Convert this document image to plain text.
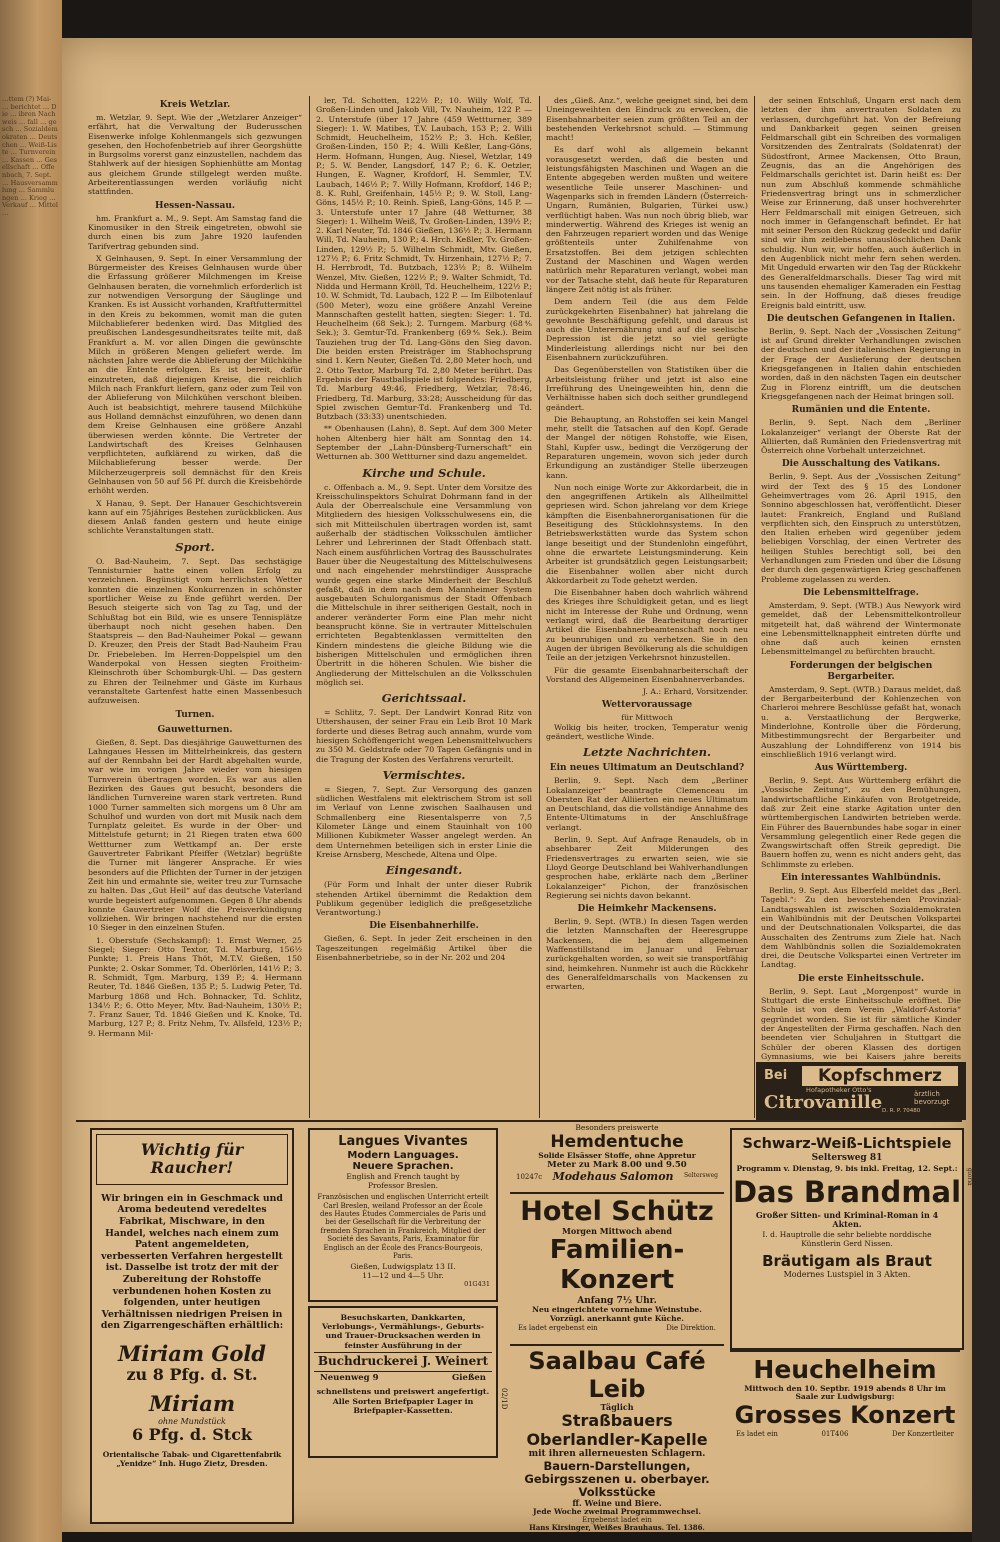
…ttem (?) Mai- … berichtet … Die … ibren Nachweis … fall … gesch … Sozialdemokraten … Deutschen … Weiß-Liste … Turnverein … Kassen … Gesellschaft … Offenbach, 7. Sept. … Hausversammlung … Sammlungen … Krieg … Verkauf … Mittel …
Kreis Wetzlar.

m. Wetzlar, 9. Sept. Wie der „Wetzlarer Anzeiger“ erfährt, hat die Verwaltung der Buderusschen Eisenwerke infolge Kohlenmangels sich gezwungen gesehen, den Hochofenbetrieb auf ihrer Georgshütte in Burgsolms vorerst ganz einzustellen, nachdem das Stahlwerk auf der hiesigen Sophienhütte am Montag aus gleichem Grunde stillgelegt werden mußte. Arbeiterentlassungen werden vorläufig nicht stattfinden.

Hessen-Nassau.

hm. Frankfurt a. M., 9. Sept. Am Samstag fand die Kinomusiker in den Streik eingetreten, obwohl sie durch einen bis zum Jahre 1920 laufenden Tarifvertrag gebunden sind.

X Gelnhausen, 9. Sept. In einer Versammlung der Bürgermeister des Kreises Gelnhausen wurde über die Erfassung größerer Milchmengen im Kreise Gelnhausen beraten, die vornehmlich erforderlich ist zur notwendigen Versorgung der Säuglinge und Kranken. Es ist Aussicht vorhanden, Kraftfuttermittel in den Kreis zu bekommen, womit man die guten Milchablieferer bedenken wird. Das Mitglied des preußischen Landesgesundheitsrates teilte mit, daß Frankfurt a. M. vor allen Dingen die gewünschte Milch in größeren Mengen geliefert werde. Im nächsten Jahre werde die Ablieferung der Milchkühe an die Entente erfolgen. Es ist bereit, dafür einzutreten, daß diejenigen Kreise, die reichlich Milch nach Frankfurt liefern, ganz oder zum Teil von der Ablieferung von Milchkühen verschont bleiben. Auch ist beabsichtigt, mehrere tausend Milchkühe aus Holland demnächst einzuführen, wo denen dann dem Kreise Gelnhausen eine größere Anzahl überwiesen werden könnte. Die Vertreter der Landwirtschaft des Kreises Gelnhausen verpflichteten, aufklärend zu wirken, daß die Milchablieferung besser werde. Der Milcherzeugerpreis soll demnächst für den Kreis Gelnhausen von 50 auf 56 Pf. durch die Kreisbehörde erhöht werden.

X Hanau, 9. Sept. Der Hanauer Geschichtsverein kann auf ein 75jähriges Bestehen zurückblicken. Aus diesem Anlaß fanden gestern und heute einige schlichte Veranstaltungen statt.

Sport.

O. Bad-Nauheim, 7. Sept. Das sechstägige Tennisturnier hatte einen vollen Erfolg zu verzeichnen. Begünstigt vom herrlichsten Wetter konnten die einzelnen Konkurrenzen in schönster sportlicher Weise zu Ende geführt werden. Der Besuch steigerte sich von Tag zu Tag, und der Schlußtag bot ein Bild, wie es unsere Tennisplätze überhaupt noch nicht gesehen haben. Den Staatspreis — den Bad-Nauheimer Pokal — gewann D. Kreuzer, den Preis der Stadt Bad-Nauheim Frau Dr. Friebeleben. Im Herren-Doppelspiel um den Wanderpokal von Hessen siegten Froitheim-Kleinschroth über Schomburgk-Uhl. — Das gestern zu Ehren der Teilnehmer und Gäste im Kurhaus veranstaltete Gartenfest hatte einen Massenbesuch aufzuweisen.

Turnen.
Gauwetturnen.

Gießen, 8. Sept. Das diesjährige Gauwetturnen des Lahngaues Hessen im Mittelrheinkreis, das gestern auf der Rennbahn bei der Hardt abgehalten wurde, war wie im vorigen Jahre wieder vom hiesigen Turnverein übertragen worden. Es war aus allen Bezirken des Gaues gut besucht, besonders die ländlichen Turnvereine waren stark vertreten. Rund 1000 Turner sammelten sich morgens um 8 Uhr am Schulhof und wurden von dort mit Musik nach dem Turnplatz geleitet. Es wurde in der Ober- und Mittelstufe geturnt; in 21 Riegen traten etwa 600 Wettturner zum Wettkampf an. Der erste Gauvertreter Fabrikant Pfeiffer (Wetzlar) begrüßte die Turner mit längerer Ansprache. Er wies besonders auf die Pflichten der Turner in der jetzigen Zeit hin und ermahnte sie, weiter treu zur Turnsache zu halten. Das „Gut Heil“ auf das deutsche Vaterland wurde begeistert aufgenommen. Gegen 8 Uhr abends konnte Gauvertreter Wolf die Preisverkündigung vollziehen. Wir bringen nachstehend nur die ersten 10 Sieger in den einzelnen Stufen.

1. Oberstufe (Sechskampf): 1. Ernst Werner, 25 Siegel; Sieger: Otto Textor, Td. Marburg, 156½ Punkte; 1. Preis Hans Thöt, M.T.V. Gießen, 150 Punkte; 2. Oskar Sommer, Td. Oberlörlen, 141½ P.; 3. R. Schmidt, Tgm. Marburg, 139 P.; 4. Hermann Reuter, Td. 1846 Gießen, 135 P.; 5. Ludwig Peter, Td. Marburg 1868 und Hch. Bohnacker, Td. Schlitz, 134½ P.; 6. Otto Meyer, Mtv. Bad-Nauheim, 130½ P.; 7. Franz Sauer, Td. 1846 Gießen und K. Knoke, Td. Marburg, 127 P.; 8. Fritz Nehm, Tv. Allsfeld, 123½ P.; 9. Hermann Mil-

ler, Td. Schotten, 122½ P.; 10. Willy Wolf, Td. Großen-Linden und Jakob Vill, Tv. Nauheim, 122 P. — 2. Unterstufe (über 17 Jahre (459 Wettturner, 389 Sieger): 1. W. Matibes, T.V. Laubach, 153 P.; 2. Willi Schmidt, Heuchelheim, 152½ P.; 3. Hch. Keßler, Großen-Linden, 150 P.; 4. Willi Keßler, Lang-Göns, Herm. Hofmann, Hungen, Aug. Niesel, Wetzlar, 149 P.; 5. W. Bender, Langsdorf, 147 P.; 6. K. Oetzler, Hungen, E. Wagner, Krofdorf, H. Semmler, T.V. Laubach, 146½ P.; 7. Willy Hofmann, Krofdorf, 146 P.; 8. K. Ruhl, Greifenhain, 145½ P.; 9. W. Stoll, Lang-Göns, 145½ P.; 10. Reinh. Spieß, Lang-Göns, 145 P. — 3. Unterstufe unter 17 Jahre (48 Wetturner, 38 Sieger): 1. Wilhelm Weiß, Tv. Großen-Linden, 139½ P.; 2. Karl Neuter, Td. 1846 Gießen, 136½ P.; 3. Hermann Will, Td. Nauheim, 130 P.; 4. Hrch. Keßler, Tv. Großen-Linden, 129½ P.; 5. Wilhelm Schmidt, Mtv. Gießen, 127½ P.; 6. Fritz Schmidt, Tv. Hirzenhain, 127½ P.; 7. H. Herrbrodt, Td. Butzbach, 123½ P.; 8. Wilhelm Wenzel, Mtv. Gießen, 122½ P.; 9. Walter Schmidt, Td. Nidda und Hermann Kröll, Td. Heuchelheim, 122½ P.; 10. W. Schmidt, Td. Laubach, 122 P. — Im Eilbotenlauf (500 Meter), wozu eine größere Anzahl Vereine Mannschaften gestellt hatten, siegten: Sieger: 1. Td. Heuchelheim (68 Sek.); 2. Turngem. Marburg (68⅘ Sek.); 3. Gemtur-Td. Frankenberg (69⅘ Sek.). Beim Tauziehen trug der Td. Lang-Göns den Sieg davon. Die beiden ersten Preisträger im Stabhochsprung sind 1. Kern Neuter, Gießen Td. 2,80 Meter hoch, und 2. Otto Textor, Marburg Td. 2,80 Meter berührt. Das Ergebnis der Faustballspiele ist folgendes: Friedberg, Td. Marburg 49:46, Friedberg, Wetzlar, 78:46, Friedberg, Td. Marburg, 33:28; Ausscheidung für das Spiel zwischen Gemtur-Td. Frankenberg und Td. Butzbach (33:33) unentschieden.

** Obenhausen (Lahn), 8. Sept. Auf dem 300 Meter hohen Altenberg hier hält am Sonntag den 14. September der „Lahn-Dünsberg-Turnerschaft“ ein Wetturnen ab. 300 Wettturner sind dazu angemeldet.

Kirche und Schule.

c. Offenbach a. M., 9. Sept. Unter dem Vorsitze des Kreisschulinspektors Schulrat Dohrmann fand in der Aula der Oberrealschule eine Versammlung von Mitgliedern des hiesigen Volksschulwesens ein, die sich mit Mitteilschulen übertragen worden ist, samt außerhalb der städtischen Volksschulen ämtlicher Lehrer und Lehrerinnen der Stadt Offenbach statt. Nach einem ausführlichen Vortrag des Bausschulrates Bauer über die Neugestaltung des Mittelschulwesens und nach eingehender mehrstündiger Aussprache wurde gegen eine starke Minderheit der Beschluß gefaßt, daß in dem nach dem Mannheimer System ausgebauten Schulorganismus der Stadt Offenbach die Mittelschule in ihrer seitherigen Gestalt, noch in anderer veränderter Form eine Plan mehr nicht beansprucht könne. Sie in vertrauter Mittelschulen errichteten Begabtenklassen vermittelten den Kindern mindestens die gleiche Bildung wie die bisherigen Mittelschulen und ermöglichen ihren Übertritt in die höheren Schulen. Wie bisher die Angliederung der Mittelschulen an die Volksschulen möglich sei.

Gerichtssaal.

= Schlitz, 7. Sept. Der Landwirt Konrad Ritz von Uttershausen, der seiner Frau ein Leib Brot 10 Mark forderte und dieses Betrag auch annahm, wurde vom hiesigen Schöffengericht wegen Lebensmittelwuchers zu 350 M. Geldstrafe oder 70 Tagen Gefängnis und in die Tragung der Kosten des Verfahrens verurteilt.

Vermischtes.

= Siegen, 7. Sept. Zur Versorgung des ganzen südlichen Westfalens mit elektrischem Strom ist soll im Verlauf von Lenne zwischen Saalhausen und Schmallenberg eine Riesentalsperre von 7,5 Kilometer Länge und einem Stauinhalt von 100 Millionen Kubikmeter Wasser angelegt werden. An dem Unternehmen beteiligen sich in erster Linie die Kreise Arnsberg, Meschede, Altena und Olpe.

Eingesandt.

(Für Form und Inhalt der unter dieser Rubrik stehenden Artikel übernimmt die Redaktion dem Publikum gegenüber lediglich die preßgesetzliche Verantwortung.)

Die Eisenbahnerhilfe.

Gießen, 6. Sept. In jeder Zeit erscheinen in den Tageszeitungen regelmäßig Artikel über die Eisenbahnerbetriebe, so in der Nr. 202 und 204

des „Gieß. Anz.“, welche geeignet sind, bei dem Uneingeweihten den Eindruck zu erwecken, die Eisenbahnarbeiter seien zum größten Teil an der bestehenden Verkehrsnot schuld. — Stimmung macht!

Es darf wohl als allgemein bekannt vorausgesetzt werden, daß die besten und leistungsfähigsten Maschinen und Wagen an die Entente abgegeben werden mußten und weitere wesentliche Teile unserer Maschinen- und Wagenparks sich in fremden Ländern (Österreich-Ungarn, Rumänien, Bulgarien, Türkei usw.) verflüchtigt haben. Was nun noch übrig blieb, war minderwertig. Während des Krieges ist wenig an den Fahrzeugen repariert worden und das Wenige größtenteils unter Zuhilfenahme von Ersatzstoffen. Bei dem jetzigen schlechten Zustand der Maschinen und Wagen werden natürlich mehr Reparaturen verlangt, wobei man vor der Tatsache steht, daß heute für Reparaturen längere Zeit nötig ist als früher.

Dem andern Teil (die aus dem Felde zurückgekehrten Eisenbahner) hat jahrelang die gewohnte Beschäftigung gefehlt, und daraus ist auch die Unterernährung und auf die seelische Depression ist die jetzt so viel gerügte Minderleistung allerdings nicht nur bei den Eisenbahnern zurückzuführen.

Das Gegenüberstellen von Statistiken über die Arbeitsleistung früher und jetzt ist also eine Irreführung des Uneingeweihten hin, denn die Verhältnisse haben sich doch seither grundlegend geändert.

Die Behauptung, an Rohstoffen sei kein Mangel mehr, stellt die Tatsachen auf den Kopf. Gerade der Mangel der nötigen Rohstoffe, wie Eisen, Stahl, Kupfer usw., bedingt die Verzögerung der Reparaturen ungemein, wovon sich jeder durch Erkundigung an zuständiger Stelle überzeugen kann.

Nun noch einige Worte zur Akkordarbeit, die in den angegriffenen Artikeln als Allheilmittel gepriesen wird. Schon jahrelang vor dem Kriege kämpften die Eisenbahnerorganisationen für die Beseitigung des Stücklohnsystems. In den Betriebswerkstätten wurde das System schon lange beseitigt und der Stundenlohn eingeführt, ohne die erwartete Leistungsminderung. Kein Arbeiter ist grundsätzlich gegen Leistungsarbeit; die Eisenbahner wollen aber nicht durch Akkordarbeit zu Tode gehetzt werden.

Die Eisenbahner haben doch wahrlich während des Krieges ihre Schuldigkeit getan, und es liegt nicht im Interesse der Ruhe und Ordnung, wenn verlangt wird, daß die Bearbeitung derartiger Artikel die Eisenbahnerbeamtenschaft noch neu zu beunruhigen und zu verhetzen. Sie in den Augen der übrigen Bevölkerung als die schuldigen Teile an der jetzigen Verkehrsnot hinzustellen.

Für die gesamte Eisenbahnarbeiterschaft der Vorstand des Allgemeinen Eisenbahnerverbandes.

J. A.: Erhard, Vorsitzender.
Wettervoraussage
für Mittwoch

Wolkig bis heiter, trocken, Temperatur wenig geändert, westliche Winde.

Letzte Nachrichten.
Ein neues Ultimatum an Deutschland?

Berlin, 9. Sept. Nach dem „Berliner Lokalanzeiger“ beantragte Clemenceau im Obersten Rat der Alliierten ein neues Ultimatum an Deutschland, das die vollständige Annahme des Entente-Ultimatums in der Anschlußfrage verlangt.

Berlin, 9. Sept. Auf Anfrage Renaudels, ob in absehbarer Zeit Milderungen des Friedensvertrages zu erwarten seien, wie sie Lloyd George Deutschland bei Wahlverhandlungen gesprochen habe, erklärte nach dem „Berliner Lokalanzeiger“ Pichon, der französischen Regierung sei nichts davon bekannt.

Die Heimkehr Mackensens.

Berlin, 9. Sept. (WTB.) In diesen Tagen werden die letzten Mannschaften der Heeresgruppe Mackensen, die bei dem allgemeinen Waffenstillstand im Januar und Februar zurückgehalten worden, so weit sie transportfähig sind, heimkehren. Nunmehr ist auch die Rückkehr des Generalfeldmarschalls von Mackensen zu erwarten,

der seinen Entschluß, Ungarn erst nach dem letzten der ihm anvertrauten Soldaten zu verlassen, durchgeführt hat. Von der Befreiung und Dankbarkeit gegen seinen greisen Feldmarschall gibt ein Schreiben des vormaligen Vorsitzenden des Zentralrats (Soldatenrat) der Südostfront, Armee Mackensen, Otto Braun, Zeugnis, das an die Angehörigen des Feldmarschalls gerichtet ist. Darin heißt es: Der nun zum Abschluß kommende schmähliche Friedensvertrag bringt uns in schmerzlicher Weise zur Erinnerung, daß unser hochverehrter Herr Feldmarschall mit einigen Getreuen, sich noch immer in Gefangenschaft befindet. Er hat mit seiner Person den Rückzug gedeckt und dafür sind wir ihm zeitlebens unauslöschlichen Dank schuldig. Nun wir, wir hoffen, auch äußerlich in den Augenblick nicht mehr fern sehen werden. Mit Ungeduld erwarten wir den Tag der Rückkehr des Generalfeldmarschalls. Dieser Tag wird mit uns tausenden ehemaliger Kameraden ein Festtag sein. In der Hoffnung, daß dieses freudige Ereignis bald eintritt, usw.

Die deutschen Gefangenen in Italien.

Berlin, 9. Sept. Nach der „Vossischen Zeitung“ ist auf Grund direkter Verhandlungen zwischen der deutschen und der italienischen Regierung in der Frage der Auslieferung der deutschen Kriegsgefangenen in Italien dahin entschieden worden, daß in den nächsten Tagen ein deutscher Zug in Florenz eintrifft, um die deutschen Kriegsgefangenen nach der Heimat bringen soll.

Rumänien und die Entente.

Berlin, 9. Sept. Nach dem „Berliner Lokalanzeiger“ verlangt der Oberste Rat der Alliierten, daß Rumänien den Friedensvertrag mit Österreich ohne Vorbehalt unterzeichnet.

Die Ausschaltung des Vatikans.

Berlin, 9. Sept. Aus der „Vossischen Zeitung“ wird der Text des § 15 des Londoner Geheimvertrages vom 26. April 1915, den Sonnino abgeschlossen hat, veröffentlicht. Dieser lautet: Frankreich, England und Rußland verpflichten sich, den Einspruch zu unterstützen, den Italien erheben wird gegenüber jedem beliebigen Vorschlag, der einen Vertreter des heiligen Stuhles berechtigt soll, bei den Verhandlungen zum Frieden und über die Lösung der durch den gegenwärtigen Krieg geschaffenen Probleme zugelassen zu werden.

Die Lebensmittelfrage.

Amsterdam, 9. Sept. (WTB.) Aus Newyork wird gemeldet, daß der Lebensmittelkontrolleur mitgeteilt hat, daß während der Wintermonate eine Lebensmittelknappheit eintreten dürfte und ohne daß auch keinen ernsten Lebensmittelmangel zu befürchten braucht.

Forderungen der belgischen Bergarbeiter.

Amsterdam, 9. Sept. (WTB.) Daraus meldet, daß der Bergarbeiterbund der Kohlenzechen von Charleroi mehrere Beschlüsse gefaßt hat, wonach u. a. Verstaatlichung der Bergwerke, Minderlohne, Kontrolle über die Förderung, Mitbestimmungsrecht der Bergarbeiter und Auszahlung der Lohndifferenz von 1914 bis einschließlich 1916 verlangt wird.

Aus Württemberg.

Berlin, 9. Sept. Aus Württemberg erfährt die „Vossische Zeitung“, zu den Bemühungen, landwirtschaftliche Einkäufen von Brotgetreide, daß zur Zeit eine starke Agitation unter den württembergischen Landwirten betrieben werde. Ein Führer des Bauernbundes habe sogar in einer Versammlung gelegentlich einer Rede gegen die Zwangswirtschaft offen Streik gepredigt. Die Bauern hoffen zu, wenn es nicht anders geht, das Schlimmste zu erleben.

Ein interessantes Wahlbündnis.

Berlin, 9. Sept. Aus Elberfeld meldet das „Berl. Tagebl.“: Zu den bevorstehenden Provinzial-Landtagswahlen ist zwischen Sozialdemokraten ein Wahlbündnis mit der Deutschen Volkspartei und der Deutschnationalen Volkspartei, die das Ausschalten des Zentrums zum Ziele hat. Nach dem Wahlbündnis sollen die Sozialdemokraten drei, die Deutsche Volkspartei einen Vertreter im Landtag.

Die erste Einheitsschule.

Berlin, 9. Sept. Laut „Morgenpost“ wurde in Stuttgart die erste Einheitsschule eröffnet. Die Schule ist von dem Verein „Waldorf-Astoria“ gegründet worden. Sie ist für sämtliche Kinder der Angestellten der Firma geschaffen. Nach den beendeten vier Schuljahren in Stuttgart die Schüler der oberen Klassen des dortigen Gymnasiums, wie bei Kaisers jahre bereits

Bei	Kopfschmerz
Hofapotheker Otto's
Citrovanille	ärztlich bevorzugt
D. R. P. 70480
Wichtig für Raucher!
Wir bringen ein in Geschmack und Aroma bedeutend veredeltes Fabrikat, Mischware, in den Handel, welches nach einem zum Patent angemeldeten, verbesserten Verfahren hergestellt ist. Dasselbe ist trotz der mit der Zubereitung der Rohstoffe verbundenen hohen Kosten zu folgenden, unter heutigen Verhältnissen niedrigen Preisen in den Zigarrengeschäften erhältlich:
Miriam Gold
zu 8 Pfg. d. St.
Miriam
ohne Mundstück
6 Pfg. d. Stck
Orientalische Tabak- und Cigarettenfabrik „Yenidze“ Inh. Hugo Zietz, Dresden.
Langues Vivantes
Modern Languages.
Neuere Sprachen.
English and French taught by
Professor Breslen.
Französischen und englischen Unterricht erteilt Carl Breslen, weiland Professor an der École des Hautes Études Commerciales de Paris und bei der Gesellschaft für die Verbreitung der fremden Sprachen in Frankreich, Mitglied der Société des Savants, Paris, Examinator für Englisch an der École des Francs-Bourgeois, Paris.
Gießen, Ludwigsplatz 13 II.
11—12 und 4—5 Uhr.
01G431
Besuchskarten, Dankkarten, Verlobungs-, Vermählungs-, Geburts- und Trauer-Drucksachen werden in feinster Ausführung in der
Buchdruckerei J. Weinert
Neuenweg 9	Gießen
schnellstens und preiswert angefertigt. Alle Sorten Briefpapier Lager in Briefpapier-Kassetten.
02/1D
Besonders preiswerte
Hemdentuche
Solide Elsässer Stoffe, ohne Appretur
Meter zu Mark 8.00 und 9.50
10247c Modehaus Salomon Seltersweg
Hotel Schütz
Morgen Mittwoch abend
Familien-Konzert
Anfang 7½ Uhr.
Neu eingerichtete vornehme Weinstube.
Vorzügl. anerkannt gute Küche.
Es ladet ergebenst ein	Die Direktion.
Saalbau Café Leib
Täglich
Straßbauers Oberlandler-Kapelle
mit ihren allerneuesten Schlagern.
Bauern-Darstellungen, Gebirgsszenen u. oberbayer. Volksstücke
ff. Weine und Biere.
Jede Woche zweimal Programmwechsel.
Ergebenst ladet ein
Hans Kirsinger, Weißes Brauhaus. Tel. 1386.
Schwarz-Weiß-Lichtspiele
Seltersweg 81
Programm v. Dienstag, 9. bis inkl. Freitag, 12. Sept.:
Das Brandmal
Großer Sitten- und Kriminal-Roman in 4 Akten.
I. d. Hauptrolle die sehr beliebte norddische Künstlerin Gerd Nissen.
Bräutigam als Braut
Modernes Lustspiel in 3 Akten.
gloria
Heuchelheim
Mittwoch den 10. Septbr. 1919 abends 8 Uhr im Saale zur Ludwigsburg:
Grosses Konzert
Es ladet ein	01T406	Der Konzertleiter
